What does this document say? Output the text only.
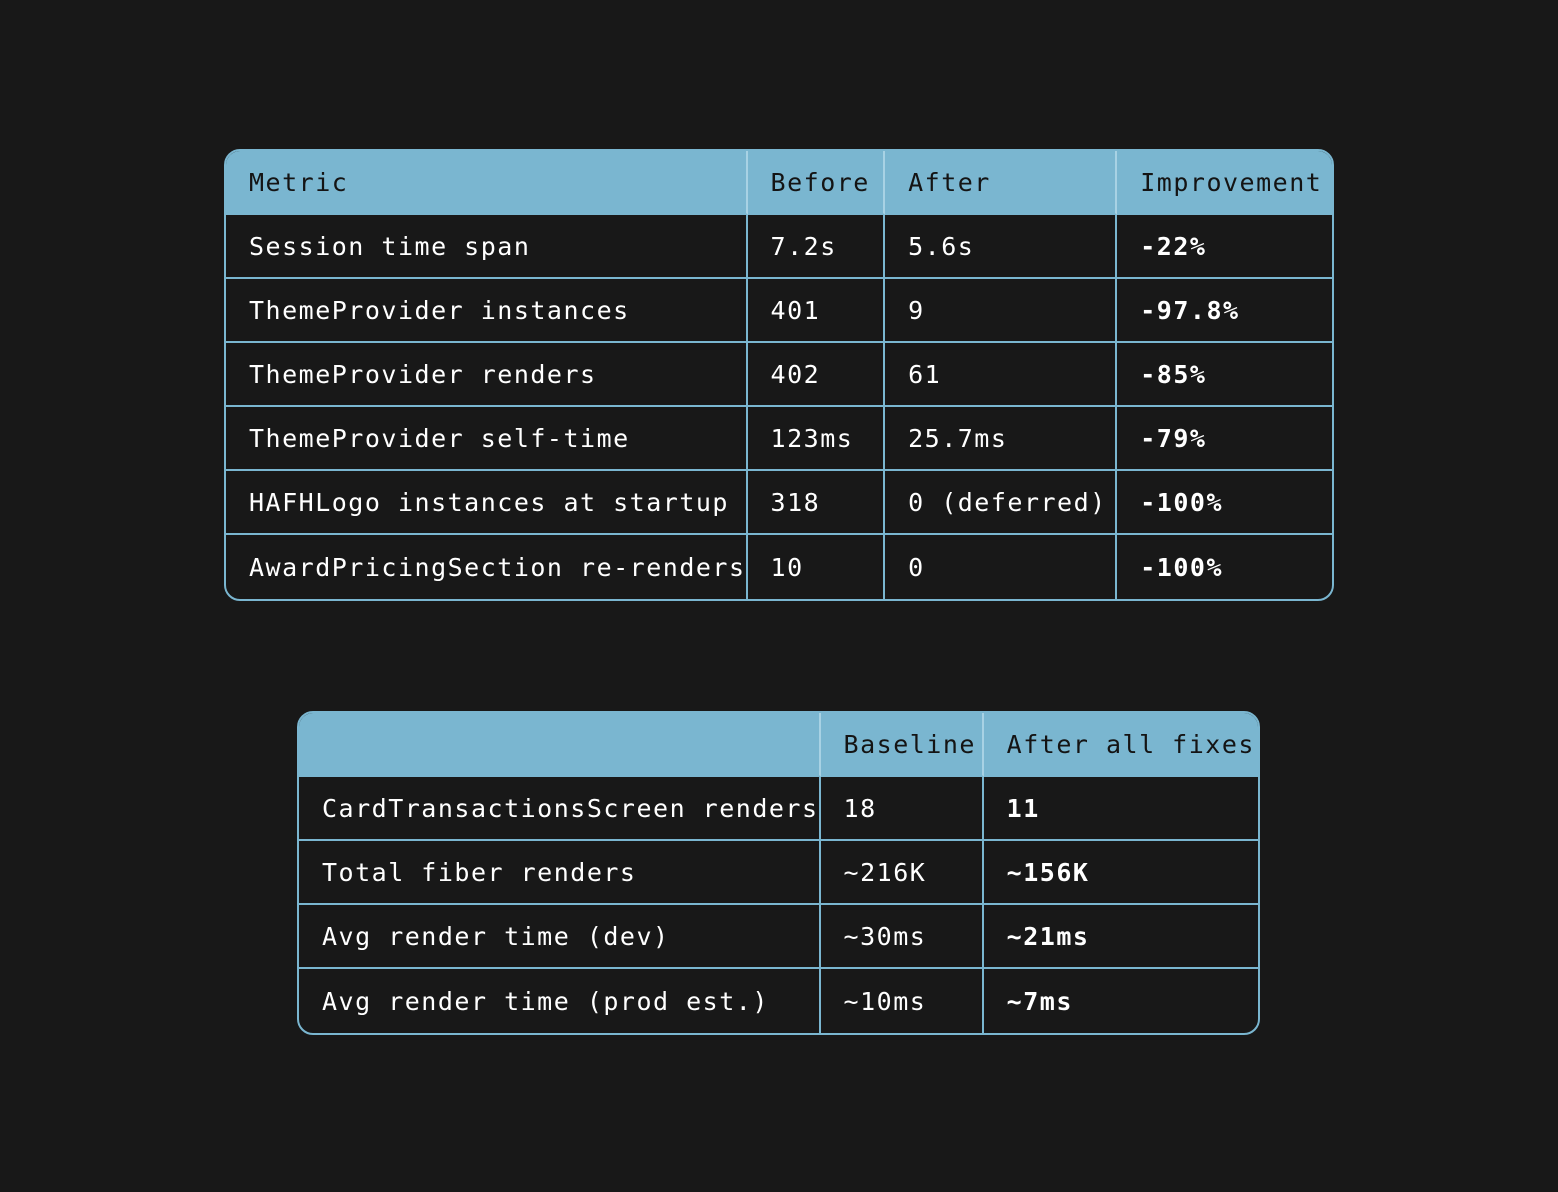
Metric	Before	After	Improvement
Session time span	7.2s	5.6s	-22%
ThemeProvider instances	401	9	-97.8%
ThemeProvider renders	402	61	-85%
ThemeProvider self-time	123ms	25.7ms	-79%
HAFHLogo instances at startup	318	0 (deferred)	-100%
AwardPricingSection re-renders	10	0	-100%
	Baseline	After all fixes
CardTransactionsScreen renders	18	11
Total fiber renders	~216K	~156K
Avg render time (dev)	~30ms	~21ms
Avg render time (prod est.)	~10ms	~7ms
